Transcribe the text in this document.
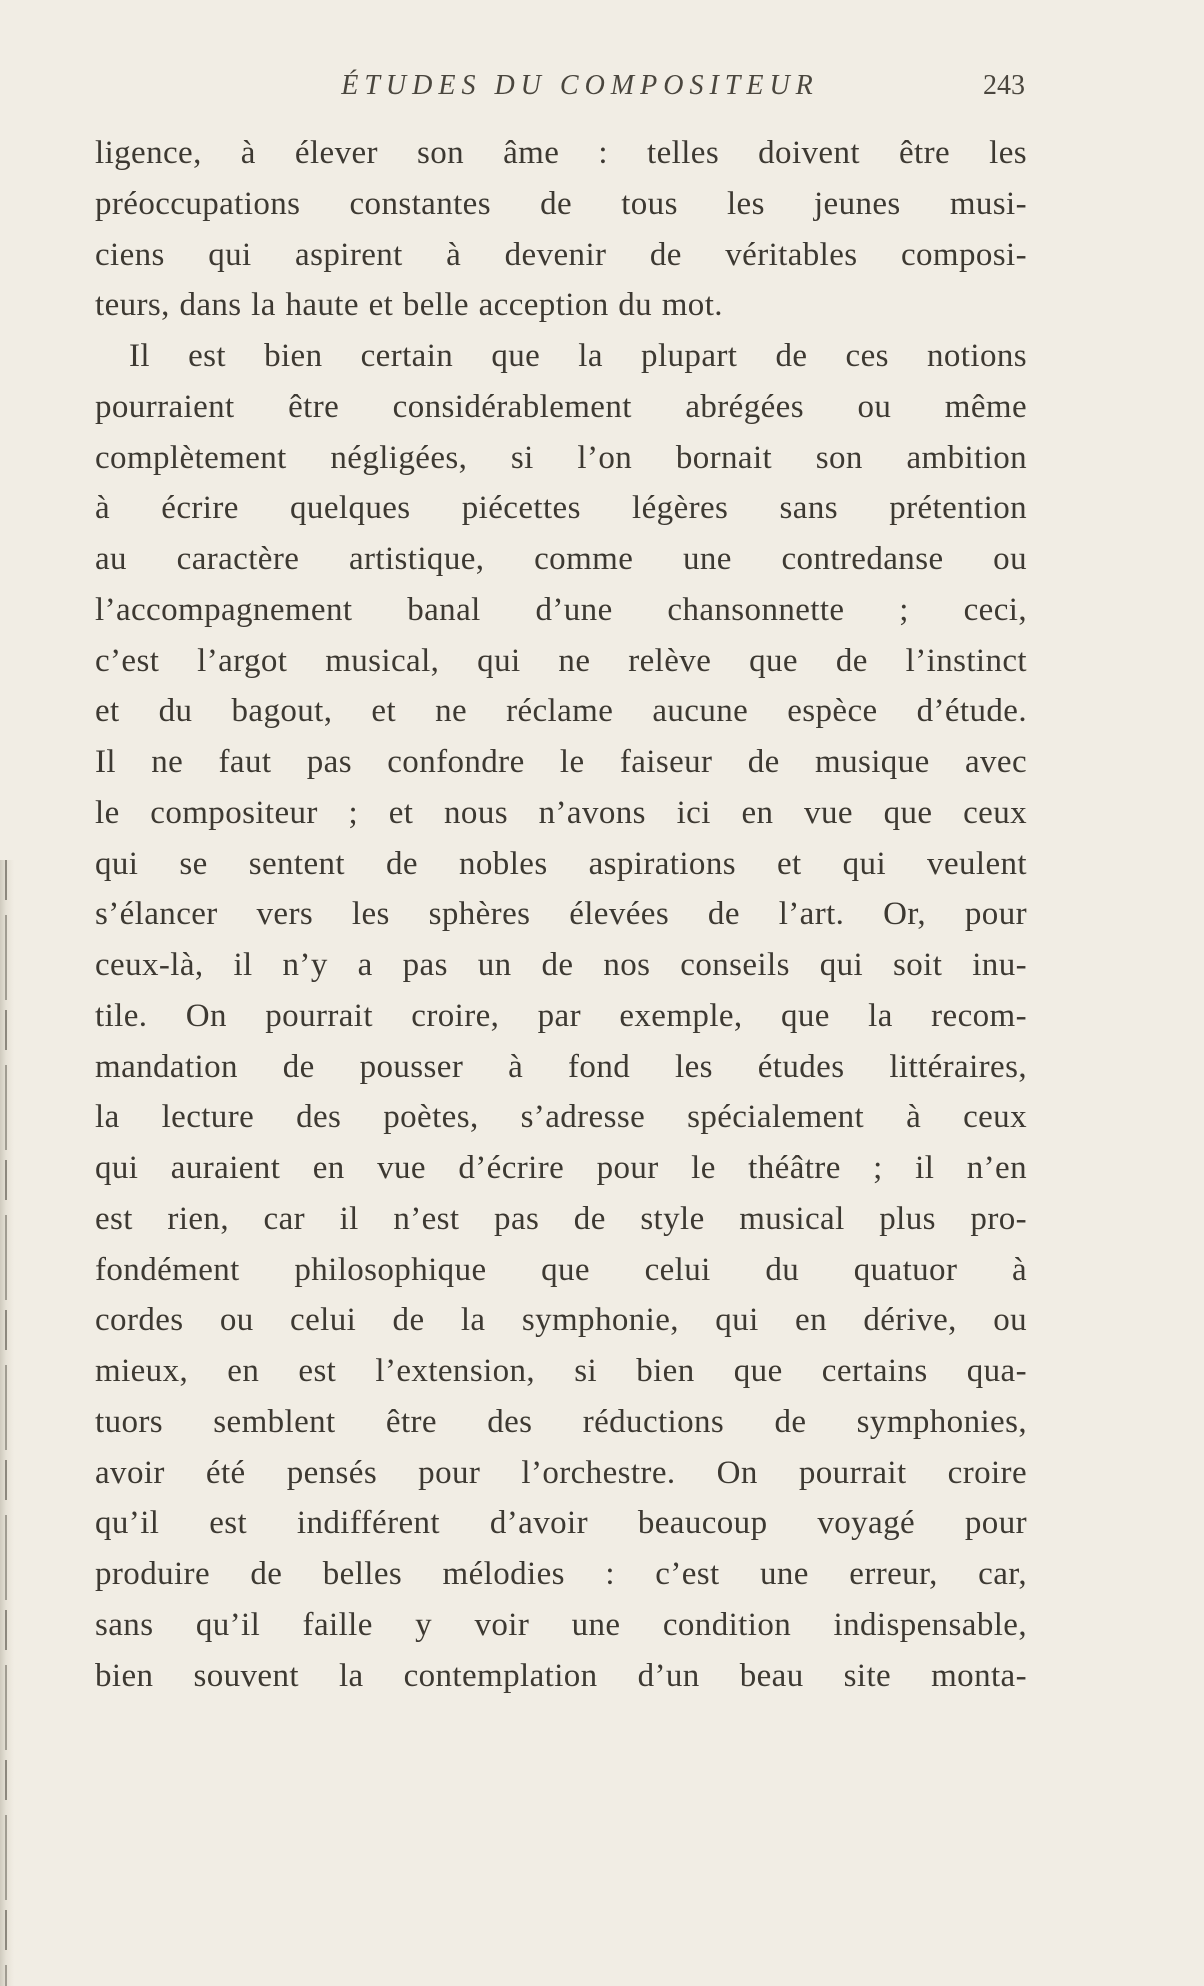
ÉTUDES DU COMPOSITEUR	243
ligence, à élever son âme : telles doivent être les
préoccupations constantes de tous les jeunes musi-
ciens qui aspirent à devenir de véritables composi-
teurs, dans la haute et belle acception du mot.
Il est bien certain que la plupart de ces notions
pourraient être considérablement abrégées ou même
complètement négligées, si l’on bornait son ambition
à écrire quelques piécettes légères sans prétention
au caractère artistique, comme une contredanse ou
l’accompagnement banal d’une chansonnette ; ceci,
c’est l’argot musical, qui ne relève que de l’instinct
et du bagout, et ne réclame aucune espèce d’étude.
Il ne faut pas confondre le faiseur de musique avec
le compositeur ; et nous n’avons ici en vue que ceux
qui se sentent de nobles aspirations et qui veulent
s’élancer vers les sphères élevées de l’art. Or, pour
ceux-là, il n’y a pas un de nos conseils qui soit inu-
tile. On pourrait croire, par exemple, que la recom-
mandation de pousser à fond les études littéraires,
la lecture des poètes, s’adresse spécialement à ceux
qui auraient en vue d’écrire pour le théâtre ; il n’en
est rien, car il n’est pas de style musical plus pro-
fondément philosophique que celui du quatuor à
cordes ou celui de la symphonie, qui en dérive, ou
mieux, en est l’extension, si bien que certains qua-
tuors semblent être des réductions de symphonies,
avoir été pensés pour l’orchestre. On pourrait croire
qu’il est indifférent d’avoir beaucoup voyagé pour
produire de belles mélodies : c’est une erreur, car,
sans qu’il faille y voir une condition indispensable,
bien souvent la contemplation d’un beau site monta-
